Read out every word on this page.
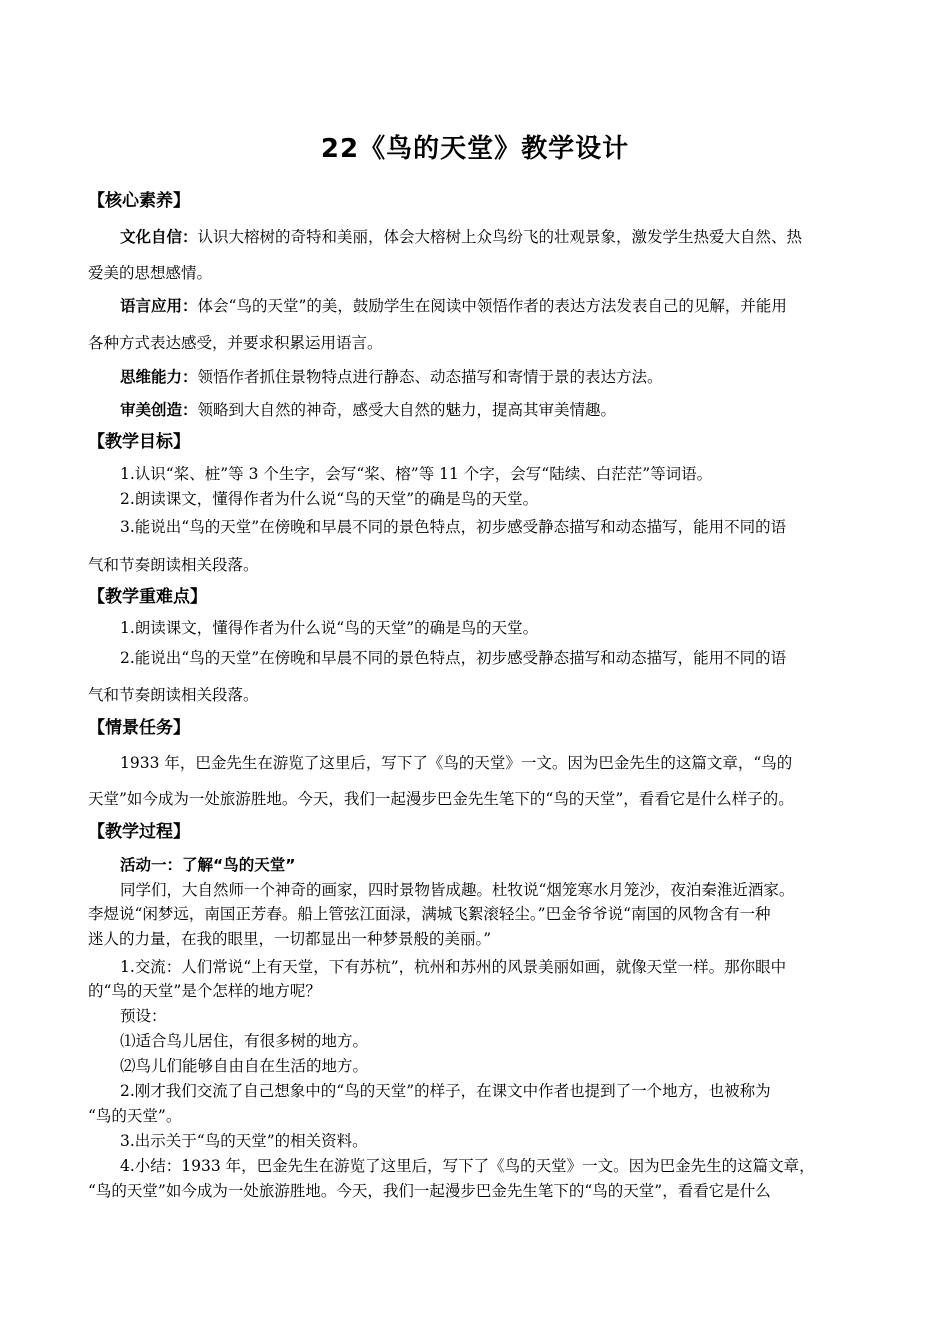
22《鸟的天堂》教学设计
【核心素养】
文化自信：认识大榕树的奇特和美丽，体会大榕树上众鸟纷飞的壮观景象，激发学生热爱大自然、热
爱美的思想感情。
语言应用：体会“鸟的天堂”的美，鼓励学生在阅读中领悟作者的表达方法发表自己的见解，并能用
各种方式表达感受，并要求积累运用语言。
思维能力：领悟作者抓住景物特点进行静态、动态描写和寄情于景的表达方法。
审美创造：领略到大自然的神奇，感受大自然的魅力，提高其审美情趣。
【教学目标】
1.认识“桨、桩”等 3 个生字，会写“桨、榕”等 11 个字，会写“陆续、白茫茫”等词语。
2.朗读课文，懂得作者为什么说“鸟的天堂”的确是鸟的天堂。
3.能说出“鸟的天堂”在傍晚和早晨不同的景色特点，初步感受静态描写和动态描写，能用不同的语
气和节奏朗读相关段落。
【教学重难点】
1.朗读课文，懂得作者为什么说“鸟的天堂”的确是鸟的天堂。
2.能说出“鸟的天堂”在傍晚和早晨不同的景色特点，初步感受静态描写和动态描写，能用不同的语
气和节奏朗读相关段落。
【情景任务】
1933 年，巴金先生在游览了这里后，写下了《鸟的天堂》一文。因为巴金先生的这篇文章，“鸟的
天堂”如今成为一处旅游胜地。今天，我们一起漫步巴金先生笔下的“鸟的天堂”，看看它是什么样子的。
【教学过程】
活动一：了解“鸟的天堂”
同学们，大自然师一个神奇的画家，四时景物皆成趣。杜牧说“烟笼寒水月笼沙，夜泊秦淮近酒家。
李煜说“闲梦远，南国正芳春。船上管弦江面渌，满城飞絮滚轻尘。”巴金爷爷说“南国的风物含有一种
迷人的力量，在我的眼里，一切都显出一种梦景般的美丽。”
1.交流：人们常说“上有天堂，下有苏杭”，杭州和苏州的风景美丽如画，就像天堂一样。那你眼中
的“鸟的天堂”是个怎样的地方呢？
预设：
⑴适合鸟儿居住，有很多树的地方。
⑵鸟儿们能够自由自在生活的地方。
2.刚才我们交流了自己想象中的“鸟的天堂”的样子，在课文中作者也提到了一个地方，也被称为
“鸟的天堂”。
3.出示关于“鸟的天堂”的相关资料。
4.小结：1933 年，巴金先生在游览了这里后，写下了《鸟的天堂》一文。因为巴金先生的这篇文章，
“鸟的天堂”如今成为一处旅游胜地。今天，我们一起漫步巴金先生笔下的“鸟的天堂”，看看它是什么
